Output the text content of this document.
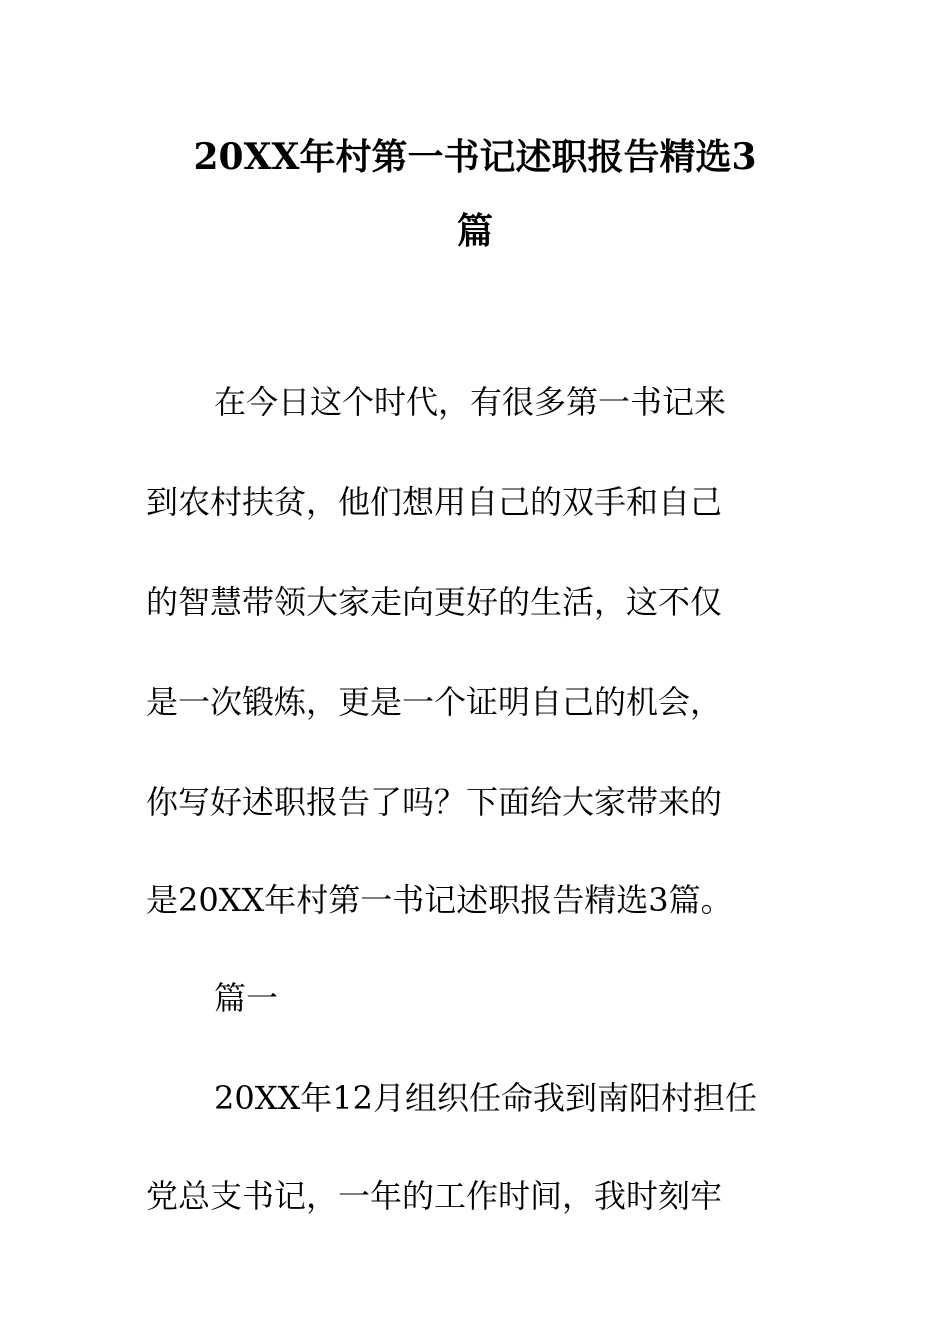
20XX年村第一书记述职报告精选3
篇

在今日这个时代，有很多第一书记来

到农村扶贫，他们想用自己的双手和自己

的智慧带领大家走向更好的生活，这不仅

是一次锻炼，更是一个证明自己的机会，

你写好述职报告了吗？下面给大家带来的

是20XX年村第一书记述职报告精选3篇。

篇一

20XX年12月组织任命我到南阳村担任

党总支书记，一年的工作时间，我时刻牢
